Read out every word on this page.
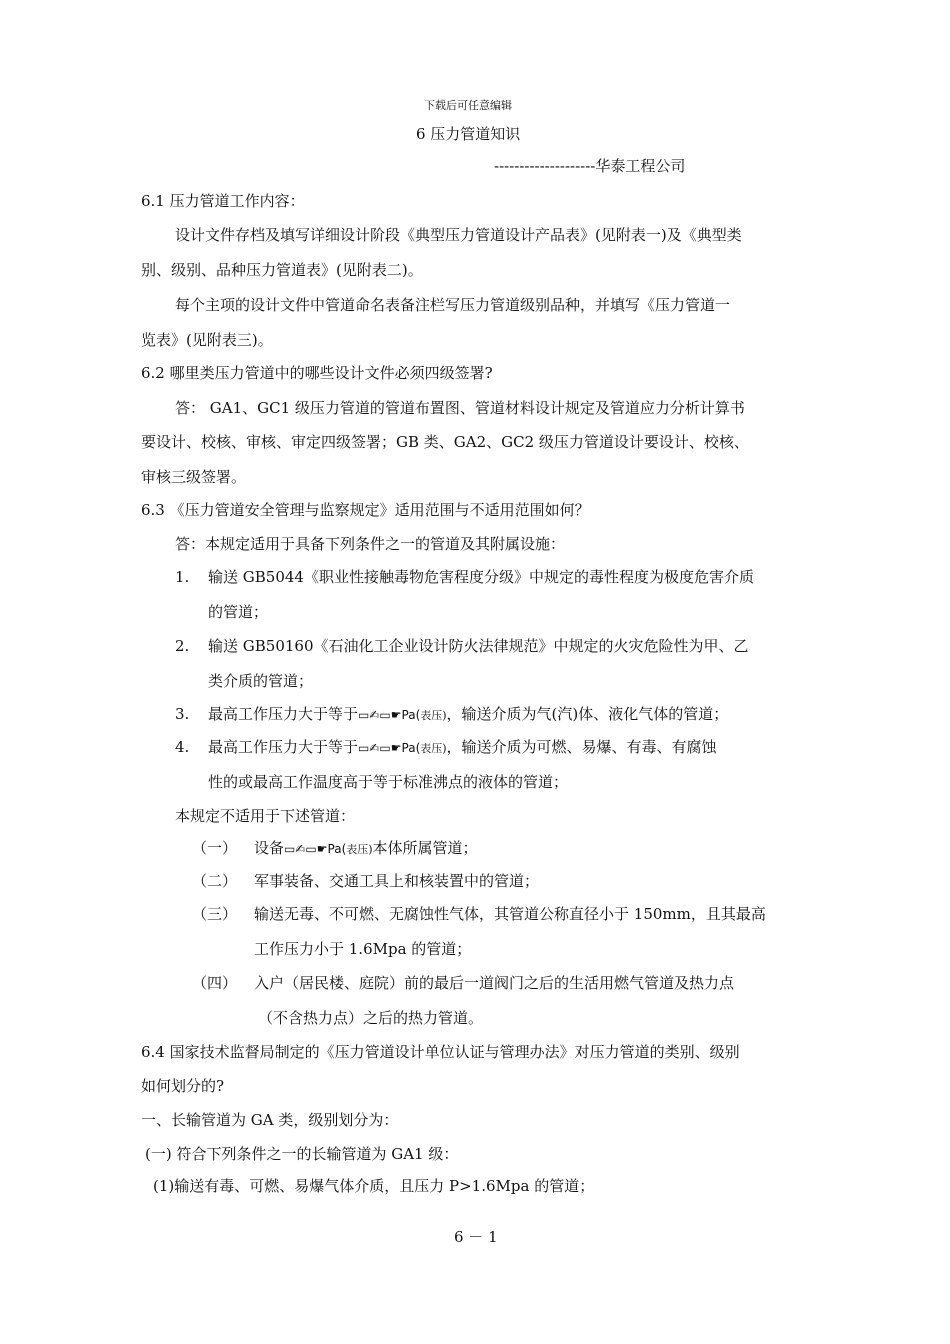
下载后可任意编辑
6 压力管道知识
--------------------华泰工程公司
6.1 压力管道工作内容：
设计文件存档及填写详细设计阶段《典型压力管道设计产品表》(见附表一)及《典型类
别、级别、品种压力管道表》(见附表二)。
每个主项的设计文件中管道命名表备注栏写压力管道级别品种，并填写《压力管道一
览表》(见附表三)。
6.2 哪里类压力管道中的哪些设计文件必须四级签署?
答： GA1、GC1 级压力管道的管道布置图、管道材料设计规定及管道应力分析计算书
要设计、校核、审核、审定四级签署；GB 类、GA2、GC2 级压力管道设计要设计、校核、
审核三级签署。
6.3 《压力管道安全管理与监察规定》适用范围与不适用范围如何？
答：本规定适用于具备下列条件之一的管道及其附属设施：
1. 输送 GB5044《职业性接触毒物危害程度分级》中规定的毒性程度为极度危害介质
的管道；
2. 输送 GB50160《石油化工企业设计防火法律规范》中规定的火灾危险性为甲、乙
类介质的管道；
3. 最高工作压力大于等于▭✍▭☛Pa(表压)，输送介质为气(汽)体、液化气体的管道；
4. 最高工作压力大于等于▭✍▭☛Pa(表压)，输送介质为可燃、易爆、有毒、有腐蚀
性的或最高工作温度高于等于标准沸点的液体的管道；
本规定不适用于下述管道：
（一） 设备▭✍▭☛Pa(表压)本体所属管道；
（二） 军事装备、交通工具上和核装置中的管道；
（三） 输送无毒、不可燃、无腐蚀性气体，其管道公称直径小于 150mm，且其最高
工作压力小于 1.6Mpa 的管道；
（四） 入户（居民楼、庭院）前的最后一道阀门之后的生活用燃气管道及热力点
（不含热力点）之后的热力管道。
6.4 国家技术监督局制定的《压力管道设计单位认证与管理办法》对压力管道的类别、级别
如何划分的?
一、长输管道为 GA 类，级别划分为：
(一) 符合下列条件之一的长输管道为 GA1 级：
(1)输送有毒、可燃、易爆气体介质，且压力 P>1.6Mpa 的管道；
6 － 1
